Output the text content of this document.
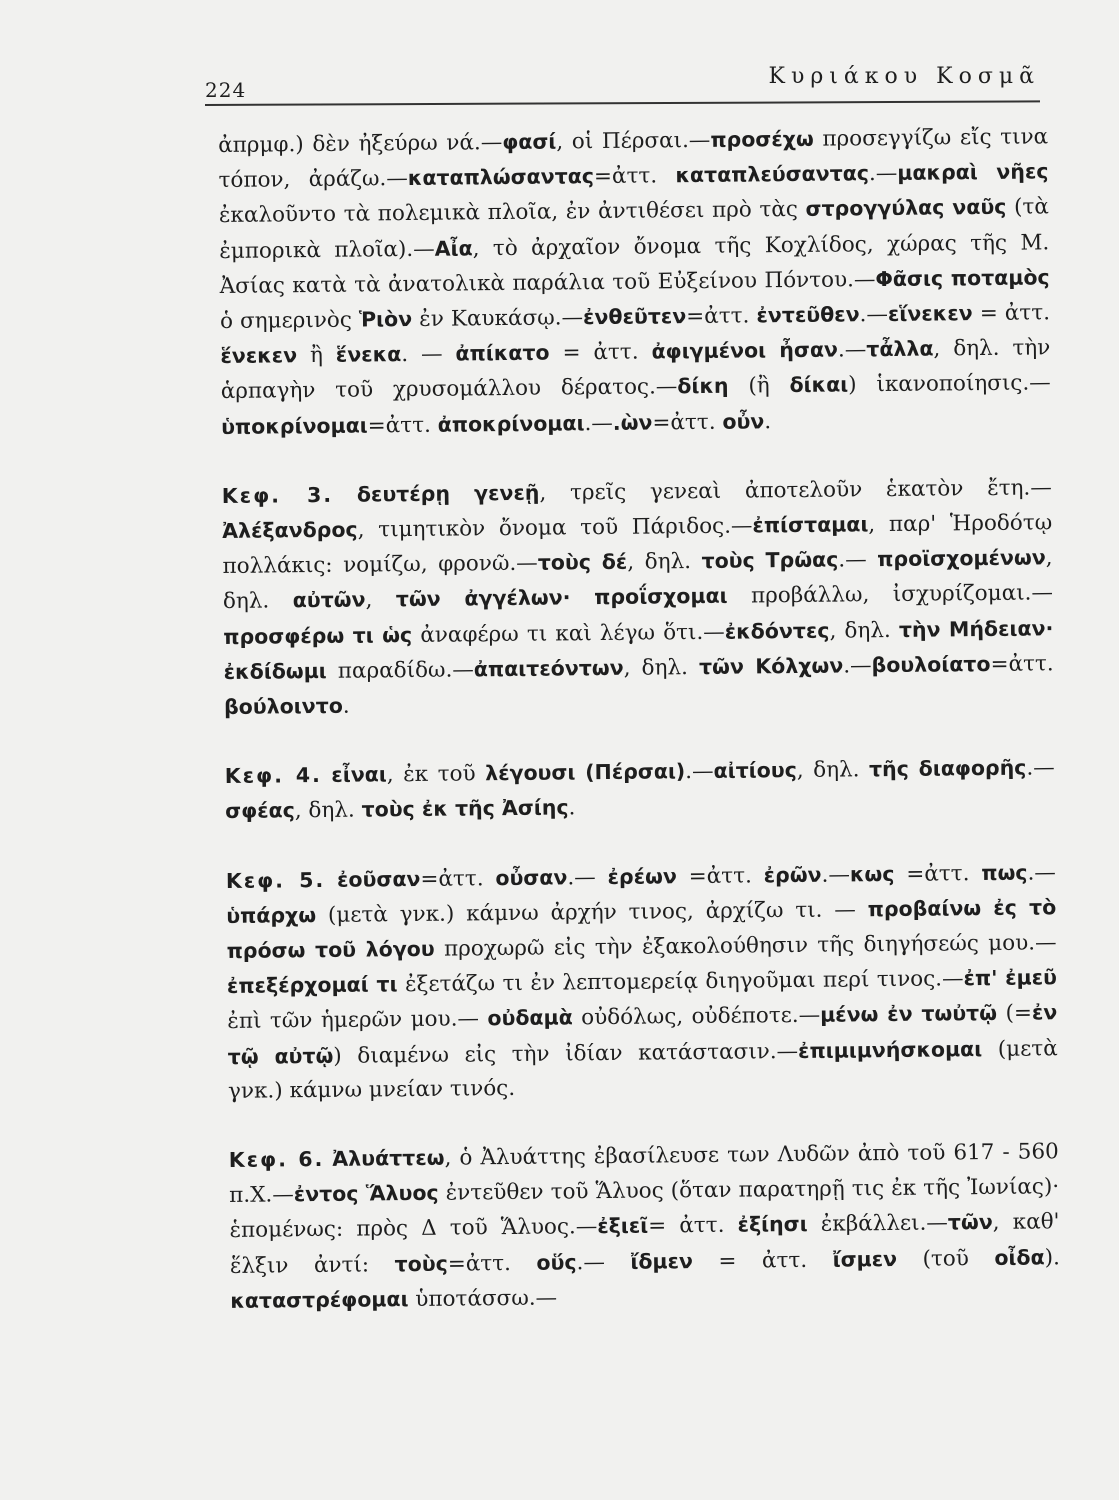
224
Κυριάκου Κοσμᾶ

ἀπρμφ.) δὲν ἠξεύρω νά.—φασί, οἱ Πέρσαι.—προσέχω προσεγγίζω εἴς τινα τόπον, ἀράζω.—καταπλώσαντας=ἀττ. καταπλεύσαντας.—μακραὶ νῆες ἐκαλοῦντο τὰ πολεμικὰ πλοῖα, ἐν ἀντιθέσει πρὸ τὰς στρογγύλας ναῦς (τὰ ἐμπορικὰ πλοῖα).—Αἶα, τὸ ἀρχαῖον ὄνομα τῆς Κοχλίδος, χώρας τῆς Μ. Ἀσίας κατὰ τὰ ἀνατολικὰ παράλια τοῦ Εὐξείνου Πόντου.—Φᾶσις ποταμὸς ὁ σημερινὸς Ῥιὸν ἐν Καυκάσῳ.—ἐνθεῦτεν=ἀττ. ἐντεῦθεν.—εἵνεκεν = ἀττ. ἕνεκεν ἢ ἕνεκα. — ἀπίκατο = ἀττ. ἀφιγμένοι ἦσαν.—τἆλλα, δηλ. τὴν ἁρπαγὴν τοῦ χρυσομάλλου δέρατος.—δίκη (ἢ δίκαι) ἱκανοποίησις.—ὑποκρίνομαι=ἀττ. ἀποκρίνομαι.—.ὼν=ἀττ. οὖν.

Κεφ. 3. δευτέρῃ γενεῇ, τρεῖς γενεαὶ ἀποτελοῦν ἑκατὸν ἔτη.—Ἀλέξανδρος, τιμητικὸν ὄνομα τοῦ Πάριδος.—ἐπίσταμαι, παρ' Ἡροδότῳ πολλάκις: νομίζω, φρονῶ.—τοὺς δέ, δηλ. τοὺς Τρῶας.— προϊσχομένων, δηλ. αὐτῶν, τῶν ἀγγέλων· προΐσχομαι προβάλλω, ἰσχυρίζομαι.—προσφέρω τι ὡς ἀναφέρω τι καὶ λέγω ὅτι.—ἐκδόντες, δηλ. τὴν Μήδειαν· ἐκδίδωμι παραδίδω.—ἀπαιτεόντων, δηλ. τῶν Κόλχων.—βουλοίατο=ἀττ. βούλοιντο.

Κεφ. 4. εἶναι, ἐκ τοῦ λέγουσι (Πέρσαι).—αἰτίους, δηλ. τῆς διαφορῆς.—σφέας, δηλ. τοὺς ἐκ τῆς Ἀσίης.

Κεφ. 5. ἐοῦσαν=ἀττ. οὖσαν.— ἐρέων =ἀττ. ἐρῶν.—κως =ἀττ. πως.—ὑπάρχω (μετὰ γνκ.) κάμνω ἀρχήν τινος, ἀρχίζω τι. — προβαίνω ἐς τὸ πρόσω τοῦ λόγου προχωρῶ εἰς τὴν ἐξακολούθησιν τῆς διηγήσεώς μου.—ἐπεξέρχομαί τι ἐξετάζω τι ἐν λεπτομερείᾳ διηγοῦμαι περί τινος.—ἐπ' ἐμεῦ ἐπὶ τῶν ἡμερῶν μου.— οὐδαμὰ οὐδόλως, οὐδέποτε.—μένω ἐν τωὐτῷ (=ἐν τῷ αὐτῷ) διαμένω εἰς τὴν ἰδίαν κατάστασιν.—ἐπιμιμνήσκομαι (μετὰ γνκ.) κάμνω μνείαν τινός.

Κεφ. 6. Ἀλυάττεω, ὁ Ἀλυάττης ἐβασίλευσε των Λυδῶν ἀπὸ τοῦ 617 - 560 π.Χ.—ἐντος Ἅλυος ἐντεῦθεν τοῦ Ἅλυος (ὅταν παρατηρῇ τις ἐκ τῆς Ἰωνίας)· ἑπομένως: πρὸς Δ τοῦ Ἅλυος.—ἐξιεῖ= ἀττ. ἐξίησι ἐκβάλλει.—τῶν, καθ' ἕλξιν ἀντί: τοὺς=ἀττ. οὕς.— ἴδμεν = ἀττ. ἴσμεν (τοῦ οἶδα). καταστρέφομαι ὑποτάσσω.—
